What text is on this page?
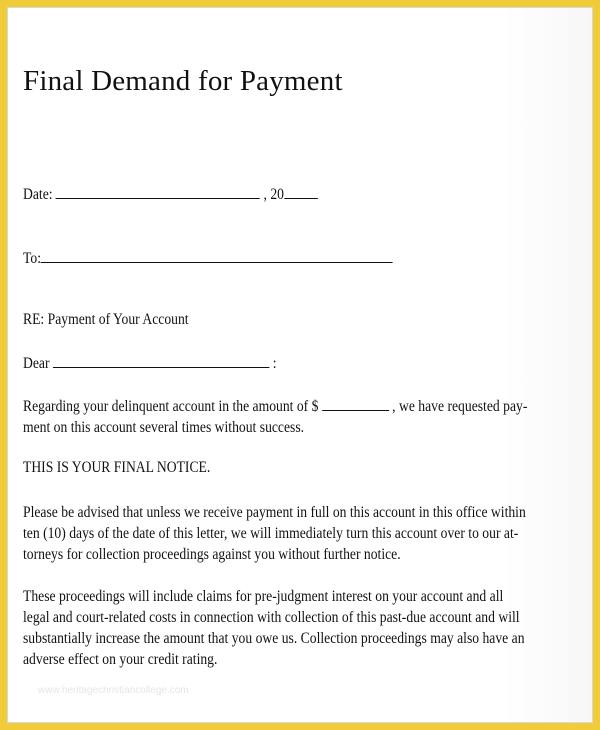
Final Demand for Payment
Date:	, 20
To:
RE: Payment of Your Account
Dear	:
Regarding your delinquent account in the amount of $	, we have requested pay-
ment on this account several times without success.
THIS IS YOUR FINAL NOTICE.
Please be advised that unless we receive payment in full on this account in this office within
ten (10) days of the date of this letter, we will immediately turn this account over to our at-
torneys for collection proceedings against you without further notice.
These proceedings will include claims for pre-judgment interest on your account and all
legal and court-related costs in connection with collection of this past-due account and will
substantially increase the amount that you owe us. Collection proceedings may also have an
adverse effect on your credit rating.
www.heritagechristiancollege.com
